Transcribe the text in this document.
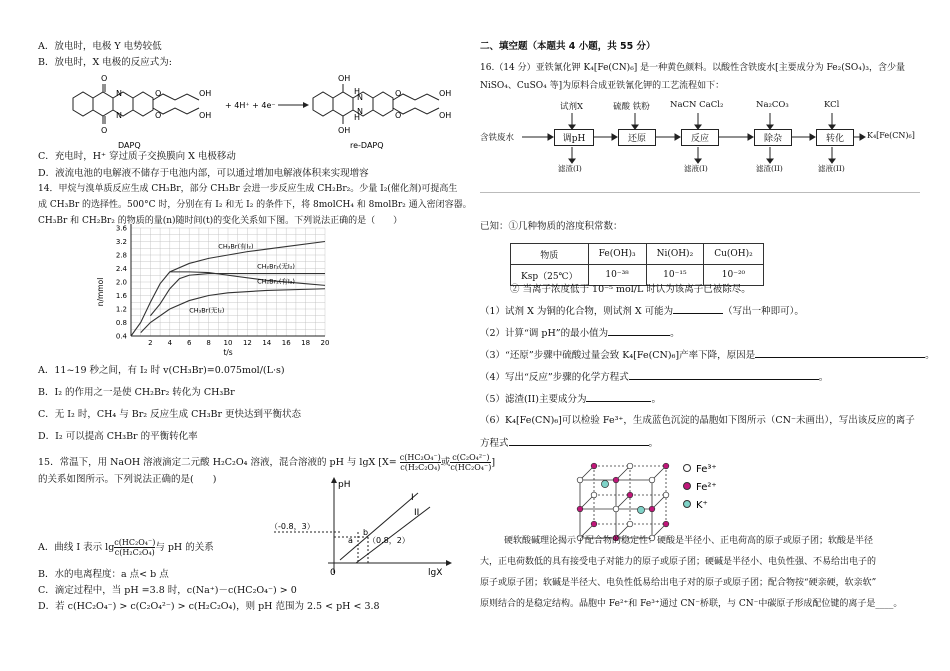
A．放电时，电极 Y 电势较低
B．放电时，X 电极的反应式为:
O
O
N
N
O
O
OH
OH
OH
OH
H
H
N
N
O
O
OH
OH
+ 4H⁺ + 4e⁻
DAPQ	re-DAPQ
C．充电时，H⁺ 穿过质子交换膜向 X 电极移动
D．液流电池的电解液不储存于电池内部，可以通过增加电解液体积来实现增容
14．甲烷与溴单质反应生成 CH₃Br，部分 CH₃Br 会进一步反应生成 CH₂Br₂。少量 I₂(催化剂)可提高生
成 CH₃Br 的选择性。500°C 时，分别在有 I₂ 和无 I₂ 的条件下，将 8molCH₄ 和 8molBr₂ 通入密闭容器。
CH₃Br 和 CH₂Br₂ 的物质的量(n)随时间(t)的变化关系如下图。下列说法正确的是（　　）
3.6
3.2
2.8
2.4
2.0
1.6
1.2
0.8
0.4
2 4 6 8 10 12 14 16 18 20
t/s
n/mmol
CH₃Br(有I₂)
CH₂Br₂(无I₂)
CH₂Br₂(有I₂)
CH₃Br(无I₂)
A．11~19 秒之间，有 I₂ 时 v(CH₃Br)=0.075mol/(L·s)
B．I₂ 的作用之一是使 CH₂Br₂ 转化为 CH₃Br
C．无 I₂ 时，CH₄ 与 Br₂ 反应生成 CH₃Br 更快达到平衡状态
D．I₂ 可以提高 CH₃Br 的平衡转化率
15．常温下，用 NaOH 溶液滴定二元酸 H₂C₂O₄ 溶液，混合溶液的 pH 与 lgX [$X= \frac{\text{c(HC₂O₄⁻)}}{\text{c(H₂C₂O₄)}}$ 或 $\frac{\text{c(C₂O₄²⁻)}}{\text{c(HC₂O₄⁻)}}$ ]
的关系如图所示。下列说法正确的是(　　)	pH
lgX
0
I
II
（-0.8，3）
（0.8，2）
a
b
A．曲线 I 表示 $\lg \frac{\text{c(HC₂O₄⁻)}}{\text{c(H₂C₂O₄)}}$ 与 pH 的关系
B．水的电离程度：a 点< b 点
C．滴定过程中，当 pH =3.8 时，c(Na⁺)－c(HC₂O₄⁻) > 0
D．若 c(HC₂O₄⁻) > c(C₂O₄²⁻) > c(H₂C₂O₄)，则 pH 范围为 2.5 < pH < 3.8
二、填空题（本题共 4 小题，共 55 分）
16.（14 分）亚铁氰化钾 K₄[Fe(CN)₆] 是一种黄色颜料。以酸性含铁废水[主要成分为 Fe₂(SO₄)₃，含少量
NiSO₄、CuSO₄ 等]为原料合成亚铁氰化钾的工艺流程如下：
含铁废水	调pH	还原	反应	除杂	转化
试剂X	硫酸 铁粉 NaCN CaCl₂	Na₂CO₃	KCl
滤渣(I)	滤液(I)	滤渣(II)	滤液(II)
K₄[Fe(CN)₆]
已知：①几种物质的溶度积常数：
物质	Fe(OH)₃	Ni(OH)₂	Cu(OH)₂
Ksp（25℃）	10⁻³⁸	10⁻¹⁵	10⁻²⁰
② 当离子浓度低于 10⁻⁵ mol/L 时认为该离子已被除尽。
（1）试剂 X 为铜的化合物，则试剂 X 可能为	（写出一种即可）。
（2）计算“调 pH”的最小值为	。
（3）“还原”步骤中硫酸过量会致 K₄[Fe(CN)₆]产率下降，原因是	。
（4）写出“反应”步骤的化学方程式	。
（5）滤渣(II)主要成分为	。
（6）K₄[Fe(CN)₆]可以检验 Fe³⁺，生成蓝色沉淀的晶胞如下图所示（CN⁻未画出），写出该反应的离子
方程式	。
Fe³⁺
Fe²⁺
K⁺
硬软酸碱理论揭示了配合物的稳定性：硬酸是半径小、正电荷高的原子或原子团；软酸是半径
大，正电荷数低的具有接受电子对能力的原子或原子团；硬碱是半径小、电负性强、不易给出电子的
原子或原子团；软碱是半径大、电负性低易给出电子对的原子或原子团；配合物按“硬亲硬，软亲软”
原则结合的是稳定结构。晶胞中 Fe²⁺和 Fe³⁺通过 CN⁻桥联，与 CN⁻中碳原子形成配位键的离子是____。
